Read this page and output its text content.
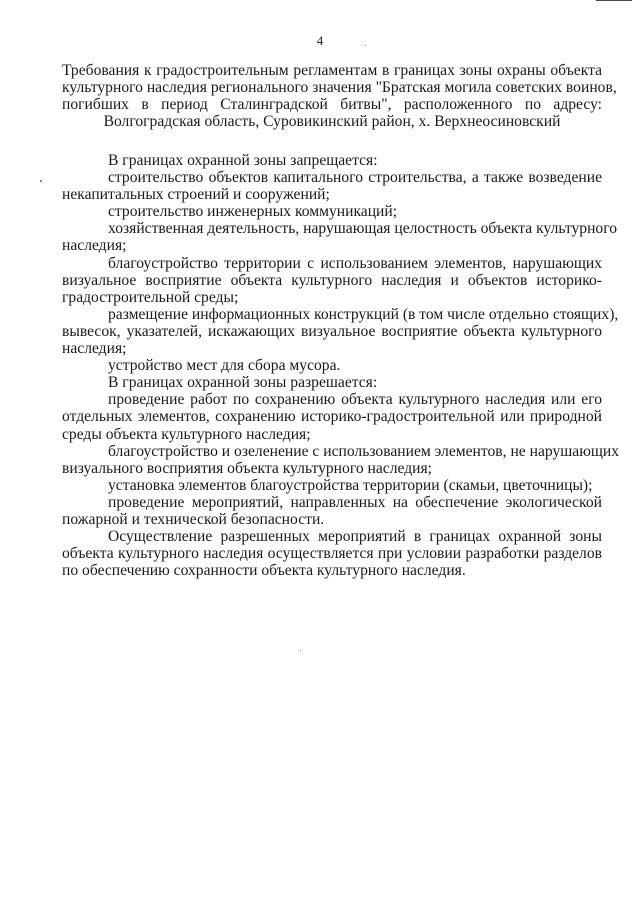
4
Требования к градостроительным регламентам в границах зоны охраны объекта
культурного наследия регионального значения "Братская могила советских воинов,
погибших в период Сталинградской битвы", расположенного по адресу:
Волгоградская область, Суровикинский район, х. Верхнеосиновский
В границах охранной зоны запрещается:
строительство объектов капитального строительства, а также возведение
некапитальных строений и сооружений;
строительство инженерных коммуникаций;
хозяйственная деятельность, нарушающая целостность объекта культурного
наследия;
благоустройство территории с использованием элементов, нарушающих
визуальное восприятие объекта культурного наследия и объектов историко-
градостроительной среды;
размещение информационных конструкций (в том числе отдельно стоящих),
вывесок, указателей, искажающих визуальное восприятие объекта культурного
наследия;
устройство мест для сбора мусора.
В границах охранной зоны разрешается:
проведение работ по сохранению объекта культурного наследия или его
отдельных элементов, сохранению историко-градостроительной или природной
среды объекта культурного наследия;
благоустройство и озеленение с использованием элементов, не нарушающих
визуального восприятия объекта культурного наследия;
установка элементов благоустройства территории (скамьи, цветочницы);
проведение мероприятий, направленных на обеспечение экологической
пожарной и технической безопасности.
Осуществление разрешенных мероприятий в границах охранной зоны
объекта культурного наследия осуществляется при условии разработки разделов
по обеспечению сохранности объекта культурного наследия.
